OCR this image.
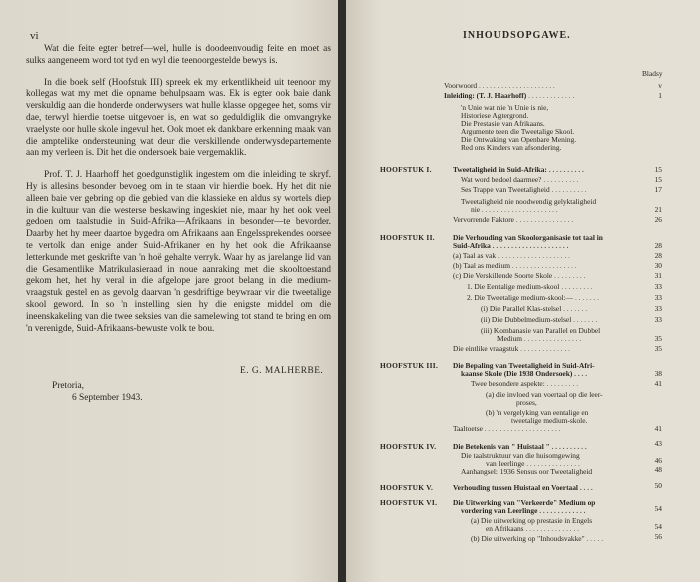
vi

Wat die feite egter betref—wel, hulle is doodeenvoudig feite en moet as sulks aangeneem word tot tyd en wyl die teenoorgestelde bewys is.

In die boek self (Hoofstuk III) spreek ek my erkentlikheid uit teenoor my kollegas wat my met die opname behulpsaam was. Ek is egter ook baie dank verskuldig aan die honderde onderwysers wat hulle klasse opgegee het, soms vir dae, terwyl hierdie toetse uitgevoer is, en wat so geduldiglik die omvangryke vraelyste oor hulle skole ingevul het. Ook moet ek dankbare erkenning maak van die amptelike ondersteuning wat deur die verskillende onderwysdepartemente aan my verleen is. Dit het die ondersoek baie vergemaklik.

Prof. T. J. Haarhoff het goedgunstiglik ingestem om die inleiding te skryf. Hy is allesins besonder bevoeg om in te staan vir hierdie boek. Hy het dit nie alleen baie ver gebring op die gebied van die klassieke en aldus sy wortels diep in die kultuur van die westerse beskawing ingeskiet nie, maar hy het ook veel gedoen om taalstudie in Suid-Afrika—Afrikaans in besonder—te bevorder. Daarby het hy meer daartoe bygedra om Afrikaans aan Engelssprekendes oorsee te vertolk dan enige ander Suid-Afrikaner en hy het ook die Afrikaanse letterkunde met geskrifte van 'n hoë gehalte verryk. Waar hy as jarelange lid van die Gesamentlike Matrikulasieraad in noue aanraking met die skooltoestand gekom het, het hy veral in die afgelope jare groot belang in die medium-vraagstuk gestel en as gevolg daarvan 'n gesdriftige beywraar vir die tweetalige skool geword. In so 'n instelling sien hy die enigste middel om die ineenskakeling van die twee seksies van die samelewing tot stand te bring en om 'n verenigde, Suid-Afrikaans-bewuste volk te bou.

E. G. MALHERBE.
Pretoria,
6 September 1943.
INHOUDSOPGAWE.
Bladsy
Voorwoord . . . . . . . . . . . . . . . . . . . . .	v
Inleiding: (T. J. Haarhoff) . . . . . . . . . . . . .	1
'n Unie wat nie 'n Unie is nie,
Historiese Agtergrond.
Die Prestasie van Afrikaans.
Argumente teen die Tweetalige Skool.
Die Ontwaking van Openbare Mening.
Red ons Kinders van afsondering.
HOOFSTUK I.	Tweetaligheid in Suid-Afrika: . . . . . . . . . .	15
Wat word bedoel daarmee? . . . . . . . . . .	15
Ses Trappe van Tweetaligheid . . . . . . . . . .	17
Tweetaligheid nie noodwendig gelyktaligheid
nie . . . . . . . . . . . . . . . . . . . . .	21
Vervorrende Faktore . . . . . . . . . . . . . . . .	26
HOOFSTUK II. Die Verhouding van Skoolorganisasie tot taal in
Suid-Afrika . . . . . . . . . . . . . . . . . . . . .	28
(a) Taal as vak . . . . . . . . . . . . . . . . . . . .	28
(b) Taal as medium . . . . . . . . . . . . . . . . . .	30
(c) Die Verskillende Soorte Skole . . . . . . . . .	31
1. Die Eentalige medium-skool . . . . . . . . .	33
2. Die Tweetalige medium-skool:— . . . . . . .	33
(i) Die Parallel Klas-stelsel . . . . . . .	33
(ii) Die Dubbelmedium-stelsel . . . . . . .	33
(iii) Kombanasie van Parallel en Dubbel
Medium . . . . . . . . . . . . . . . .	35
Die eintlike vraagstuk . . . . . . . . . . . . . .	35
HOOFSTUK III. Die Bepaling van Tweetaligheid in Suid-Afri-
kaanse Skole (Die 1938 Ondersoek) . . . .	38
Twee besondere aspekte: . . . . . . . . .	41
(a) die invloed van voertaal op die leer-
proses,
(b) 'n vergelyking van eentalige en
tweetalige medium-skole.
Taaltoetse . . . . . . . . . . . . . . . . . . . . .	41
HOOFSTUK IV. Die Betekenis van " Huistaal " . . . . . . . . . .	43
Die taalstruktuur van die huisomgewing
van leerlinge . . . . . . . . . . . . . . .	46
Aanhangsel: 1936 Sensus oor Tweetaligheid	48
HOOFSTUK V.	Verhouding tussen Huistaal en Voertaal . . . .	50
HOOFSTUK VI. Die Uitwerking van "Verkeerde" Medium op
vordering van Leerlinge . . . . . . . . . . . . .	54
(a) Die uitwerking op prestasie in Engels
en Afrikaans . . . . . . . . . . . . . . .	54
(b) Die uitwerking op "Inhoudsvakke" . . . . .	56
